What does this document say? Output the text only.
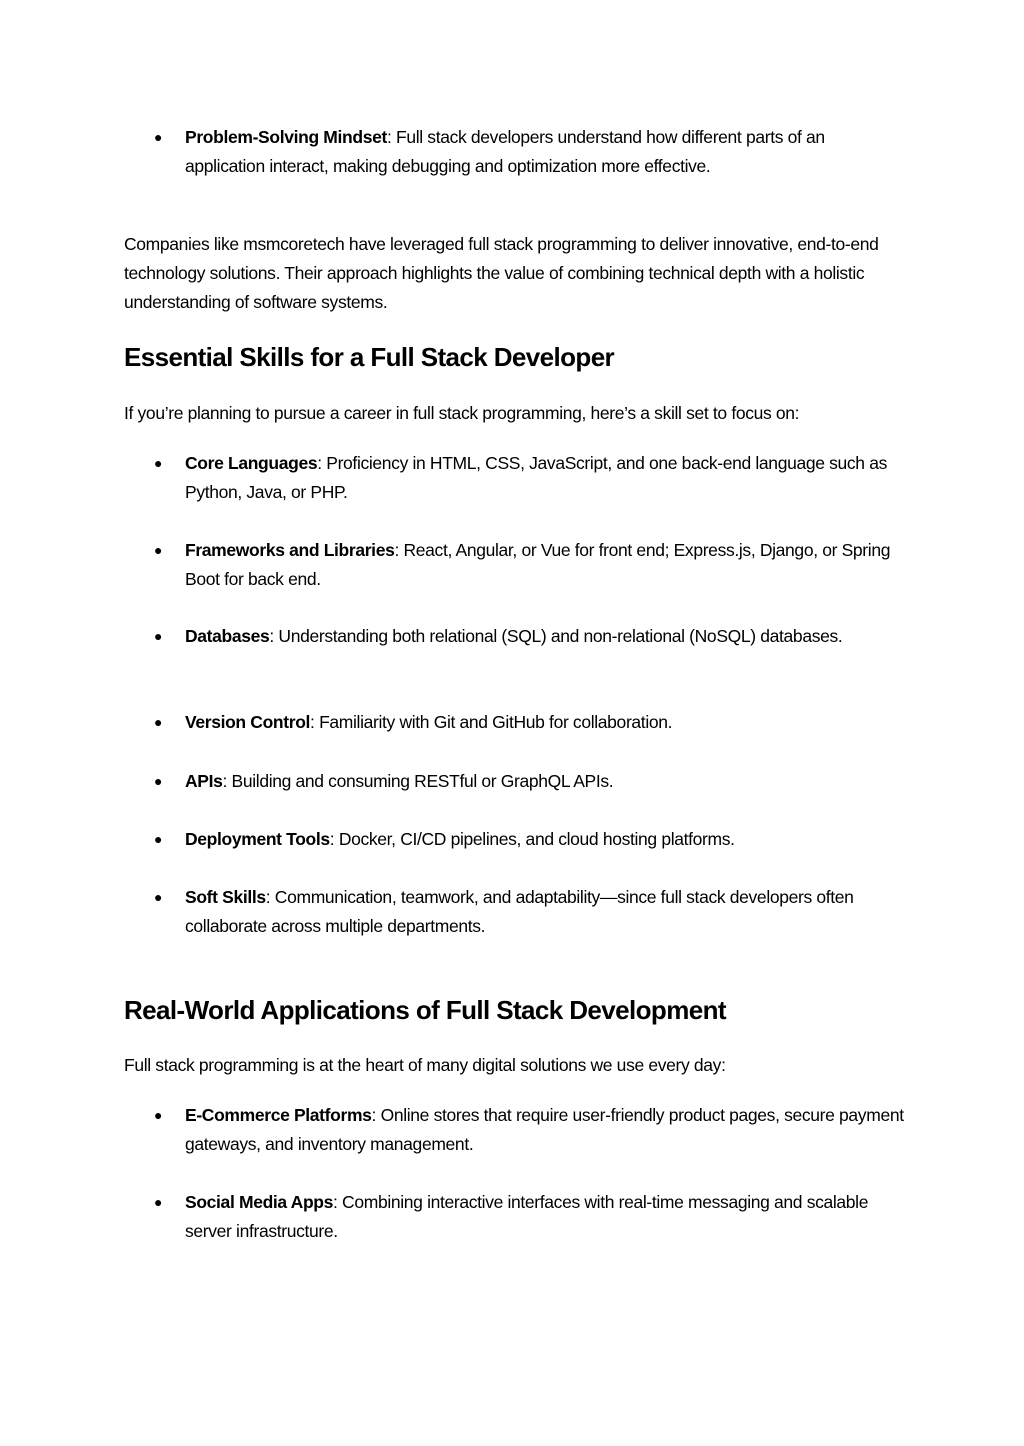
● Problem-Solving Mindset: Full stack developers understand how different parts of an application interact, making debugging and optimization more effective.

Companies like msmcoretech have leveraged full stack programming to deliver innovative, end-to-end technology solutions. Their approach highlights the value of combining technical depth with a holistic understanding of software systems.

Essential Skills for a Full Stack Developer

If you’re planning to pursue a career in full stack programming, here’s a skill set to focus on:

● Core Languages: Proficiency in HTML, CSS, JavaScript, and one back-end language such as Python, Java, or PHP.
● Frameworks and Libraries: React, Angular, or Vue for front end; Express.js, Django, or Spring Boot for back end.
● Databases: Understanding both relational (SQL) and non-relational (NoSQL) databases.
● Version Control: Familiarity with Git and GitHub for collaboration.
● APIs: Building and consuming RESTful or GraphQL APIs.
● Deployment Tools: Docker, CI/CD pipelines, and cloud hosting platforms.
● Soft Skills: Communication, teamwork, and adaptability—since full stack developers often collaborate across multiple departments.
Real-World Applications of Full Stack Development

Full stack programming is at the heart of many digital solutions we use every day:

● E-Commerce Platforms: Online stores that require user-friendly product pages, secure payment gateways, and inventory management.
● Social Media Apps: Combining interactive interfaces with real-time messaging and scalable server infrastructure.
